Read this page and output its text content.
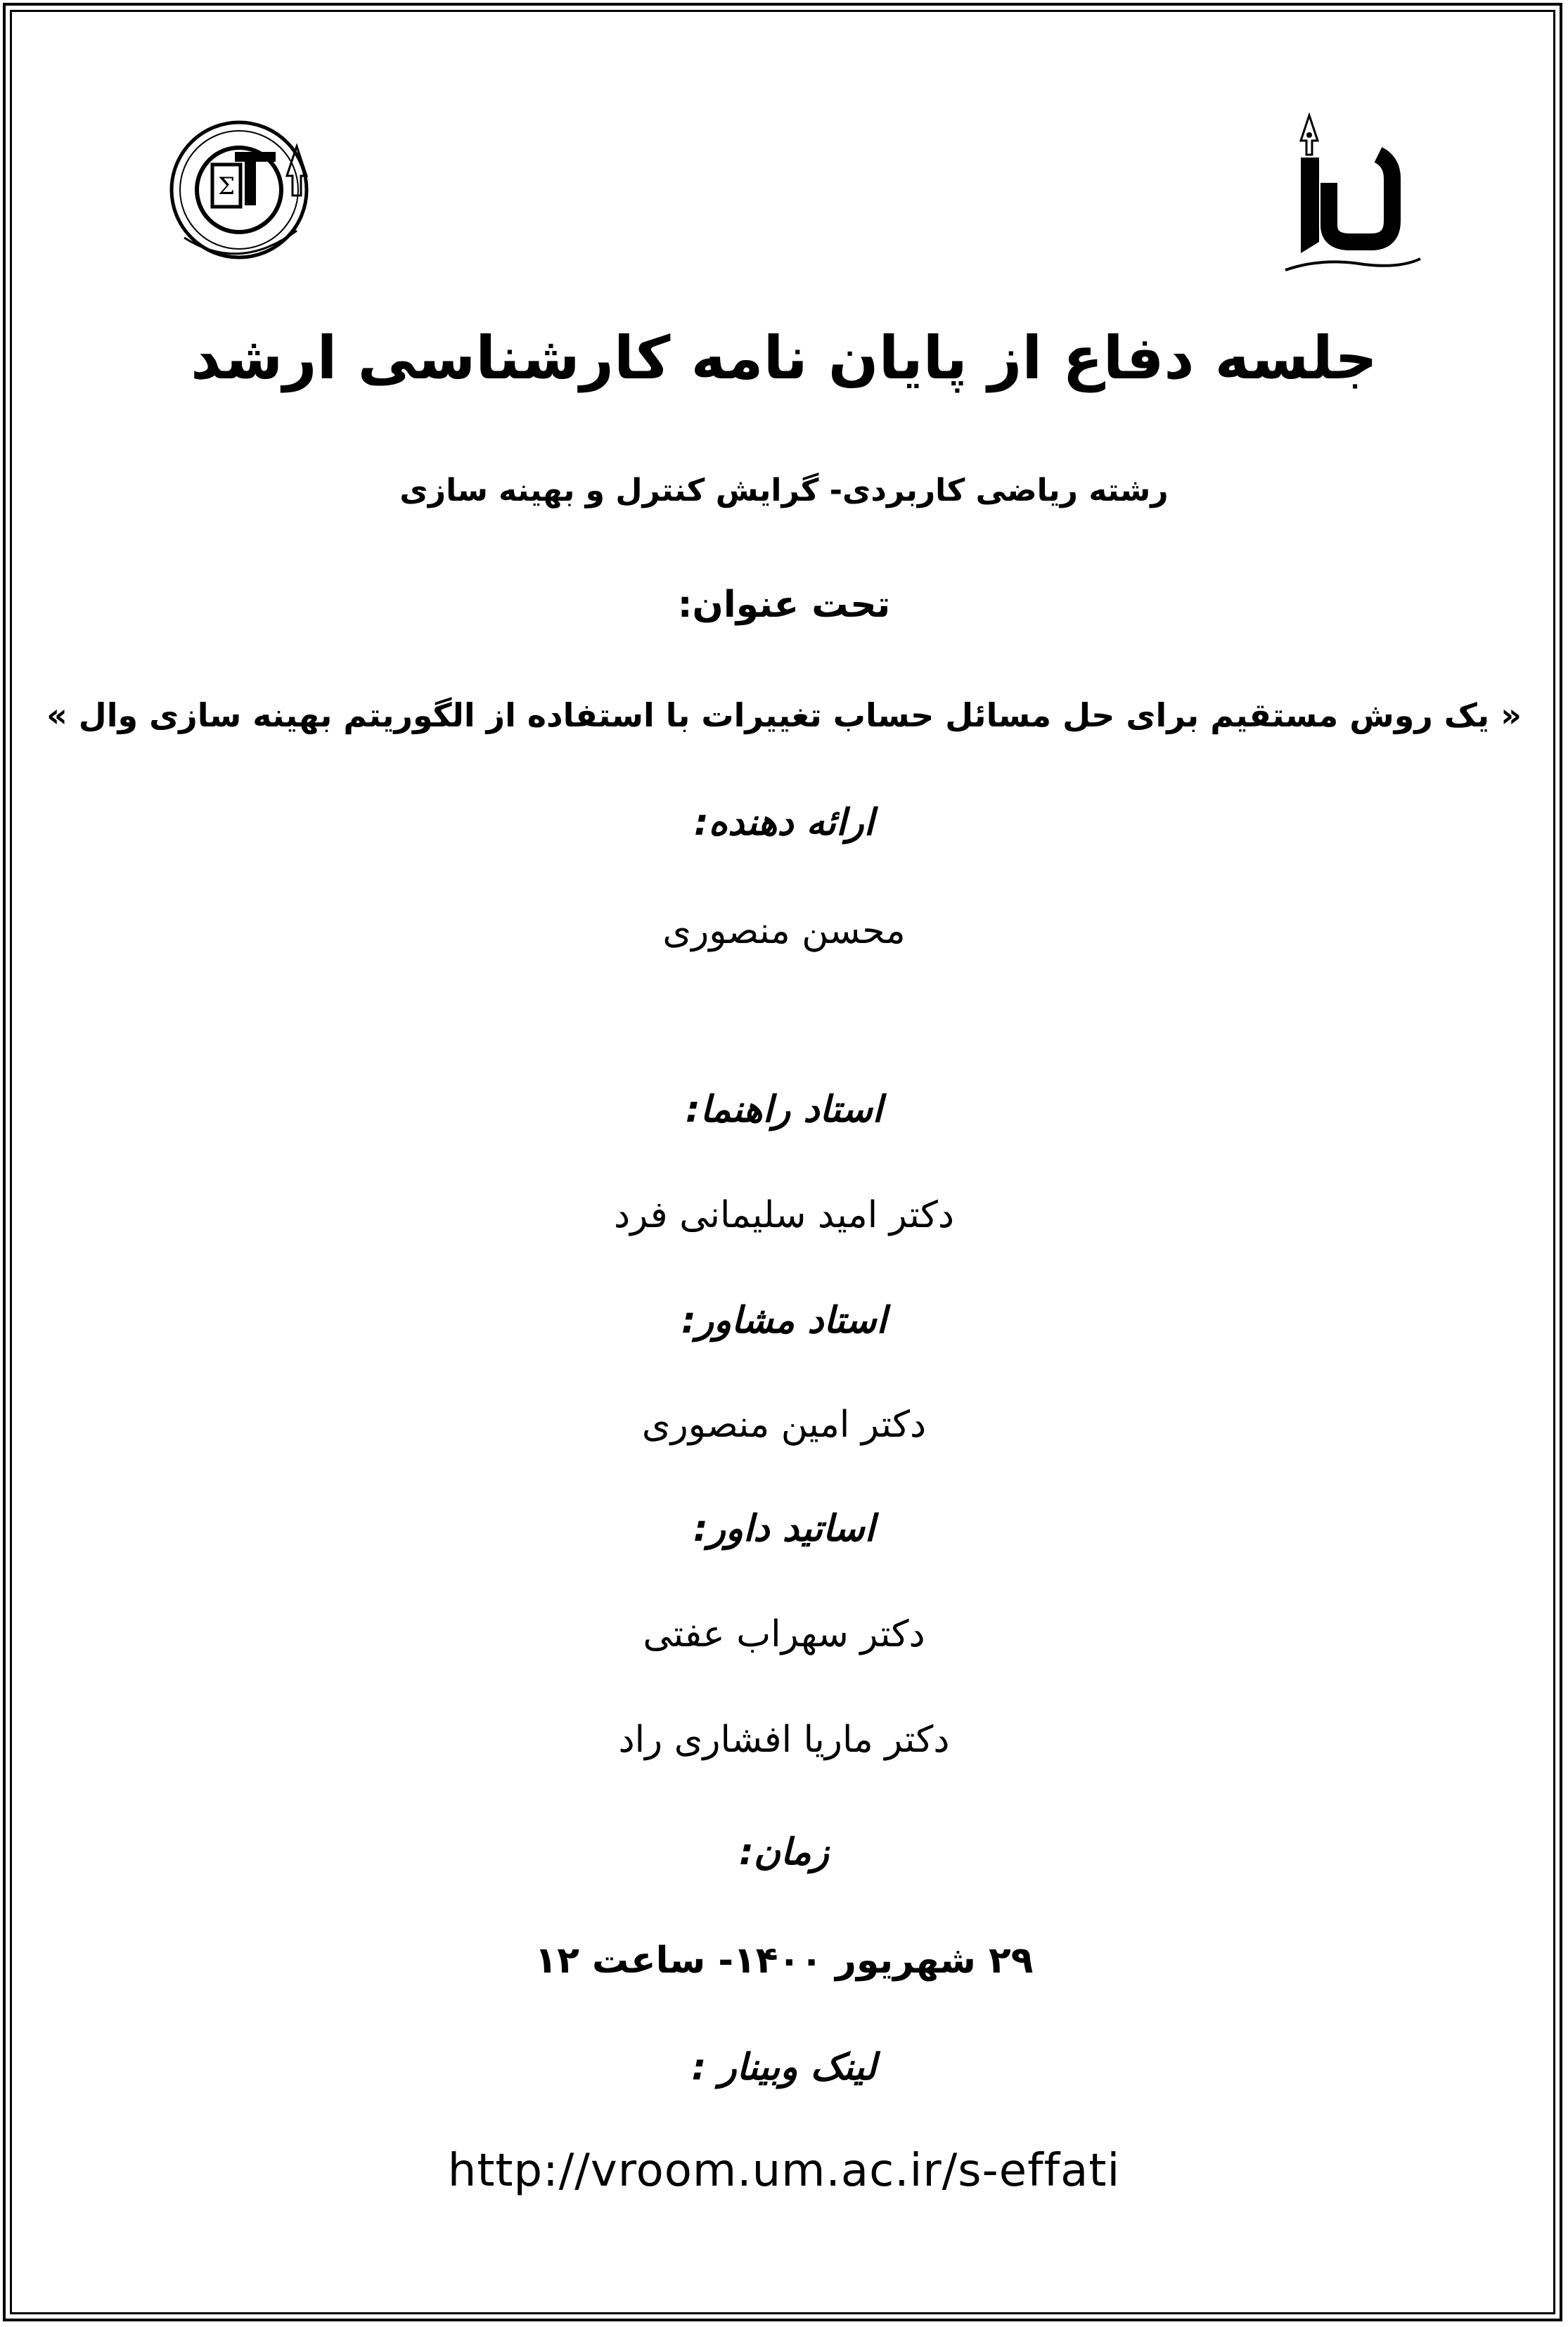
Σ
جلسه دفاع از پایان نامه کارشناسی ارشد
رشته ریاضی کاربردی- گرایش کنترل و بهینه سازی
تحت عنوان:
« یک روش مستقیم برای حل مسائل حساب تغییرات با استفاده از الگوریتم بهینه سازی وال »
ارائه دهنده:
محسن منصوری
استاد راهنما:
دکتر امید سلیمانی فرد
استاد مشاور:
دکتر امین منصوری
اساتید داور:
دکتر سهراب عفتی
دکتر ماریا افشاری راد
زمان:
۲۹ شهریور ۱۴۰۰- ساعت ۱۲
لینک وبینار :
http://vroom.um.ac.ir/s-effati
